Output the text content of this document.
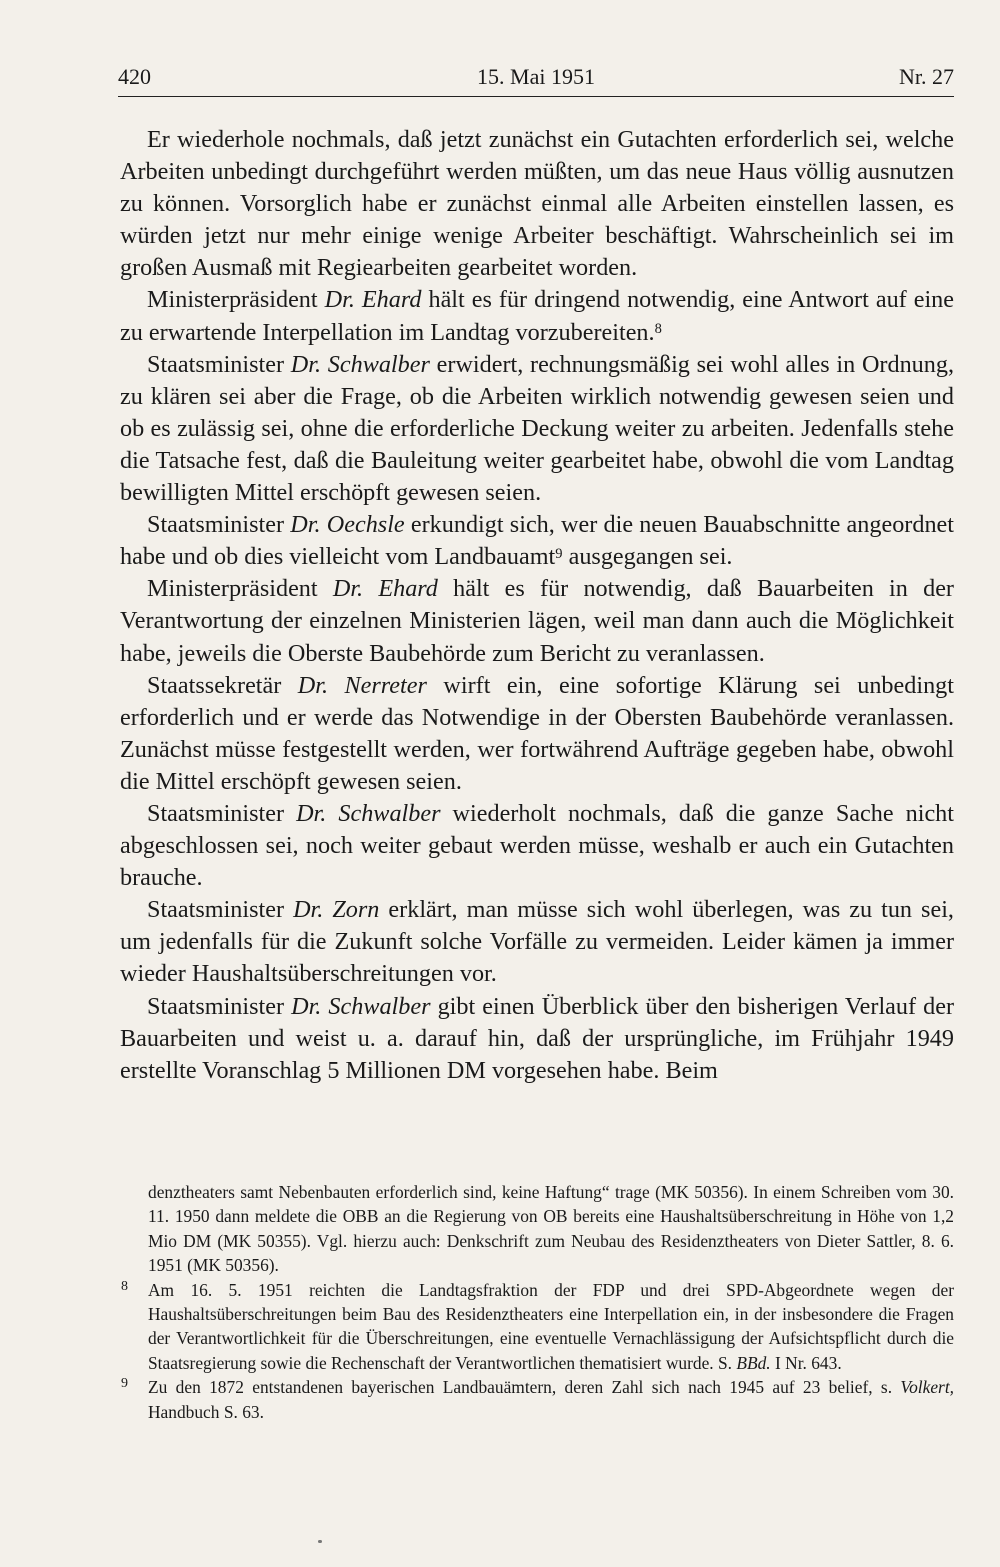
420	15. Mai 1951	Nr. 27

Er wiederhole nochmals, daß jetzt zunächst ein Gutachten erforderlich sei, welche Arbeiten unbedingt durchgeführt werden müßten, um das neue Haus völlig ausnutzen zu können. Vorsorglich habe er zunächst einmal alle Arbeiten einstellen lassen, es würden jetzt nur mehr einige wenige Arbeiter beschäftigt. Wahrscheinlich sei im großen Ausmaß mit Regiearbeiten gearbeitet worden.

Ministerpräsident Dr. Ehard hält es für dringend notwendig, eine Antwort auf eine zu erwartende Interpellation im Landtag vorzubereiten.$^8$

Staatsminister Dr. Schwalber erwidert, rechnungsmäßig sei wohl alles in Ordnung, zu klären sei aber die Frage, ob die Arbeiten wirklich notwendig gewesen seien und ob es zulässig sei, ohne die erforderliche Deckung weiter zu arbeiten. Jedenfalls stehe die Tatsache fest, daß die Bauleitung weiter gearbeitet habe, obwohl die vom Landtag bewilligten Mittel erschöpft gewesen seien.

Staatsminister Dr. Oechsle erkundigt sich, wer die neuen Bauabschnitte angeordnet habe und ob dies vielleicht vom Landbauamt$^9$ ausgegangen sei.

Ministerpräsident Dr. Ehard hält es für notwendig, daß Bauarbeiten in der Verantwortung der einzelnen Ministerien lägen, weil man dann auch die Möglichkeit habe, jeweils die Oberste Baubehörde zum Bericht zu veranlassen.

Staatssekretär Dr. Nerreter wirft ein, eine sofortige Klärung sei unbedingt erforderlich und er werde das Notwendige in der Obersten Baubehörde veranlassen. Zunächst müsse festgestellt werden, wer fortwährend Aufträge gegeben habe, obwohl die Mittel erschöpft gewesen seien.

Staatsminister Dr. Schwalber wiederholt nochmals, daß die ganze Sache nicht abgeschlossen sei, noch weiter gebaut werden müsse, weshalb er auch ein Gutachten brauche.

Staatsminister Dr. Zorn erklärt, man müsse sich wohl überlegen, was zu tun sei, um jedenfalls für die Zukunft solche Vorfälle zu vermeiden. Leider kämen ja immer wieder Haushaltsüberschreitungen vor.

Staatsminister Dr. Schwalber gibt einen Überblick über den bisherigen Verlauf der Bauarbeiten und weist u. a. darauf hin, daß der ursprüngliche, im Frühjahr 1949 erstellte Voranschlag 5 Millionen DM vorgesehen habe. Beim

denztheaters samt Nebenbauten erforderlich sind, keine Haftung“ trage (MK 50356). In einem Schreiben vom 30. 11. 1950 dann meldete die OBB an die Regierung von OB bereits eine Haushaltsüberschreitung in Höhe von 1,2 Mio DM (MK 50355). Vgl. hierzu auch: Denkschrift zum Neubau des Residenztheaters von Dieter Sattler, 8. 6. 1951 (MK 50356).

8 Am 16. 5. 1951 reichten die Landtagsfraktion der FDP und drei SPD-Abgeordnete wegen der Haushaltsüberschreitungen beim Bau des Residenztheaters eine Interpellation ein, in der insbesondere die Fragen der Verantwortlichkeit für die Überschreitungen, eine eventuelle Vernachlässigung der Aufsichtspflicht durch die Staatsregierung sowie die Rechenschaft der Verantwortlichen thematisiert wurde. S. BBd. I Nr. 643.

9 Zu den 1872 entstandenen bayerischen Landbauämtern, deren Zahl sich nach 1945 auf 23 belief, s. Volkert, Handbuch S. 63.
